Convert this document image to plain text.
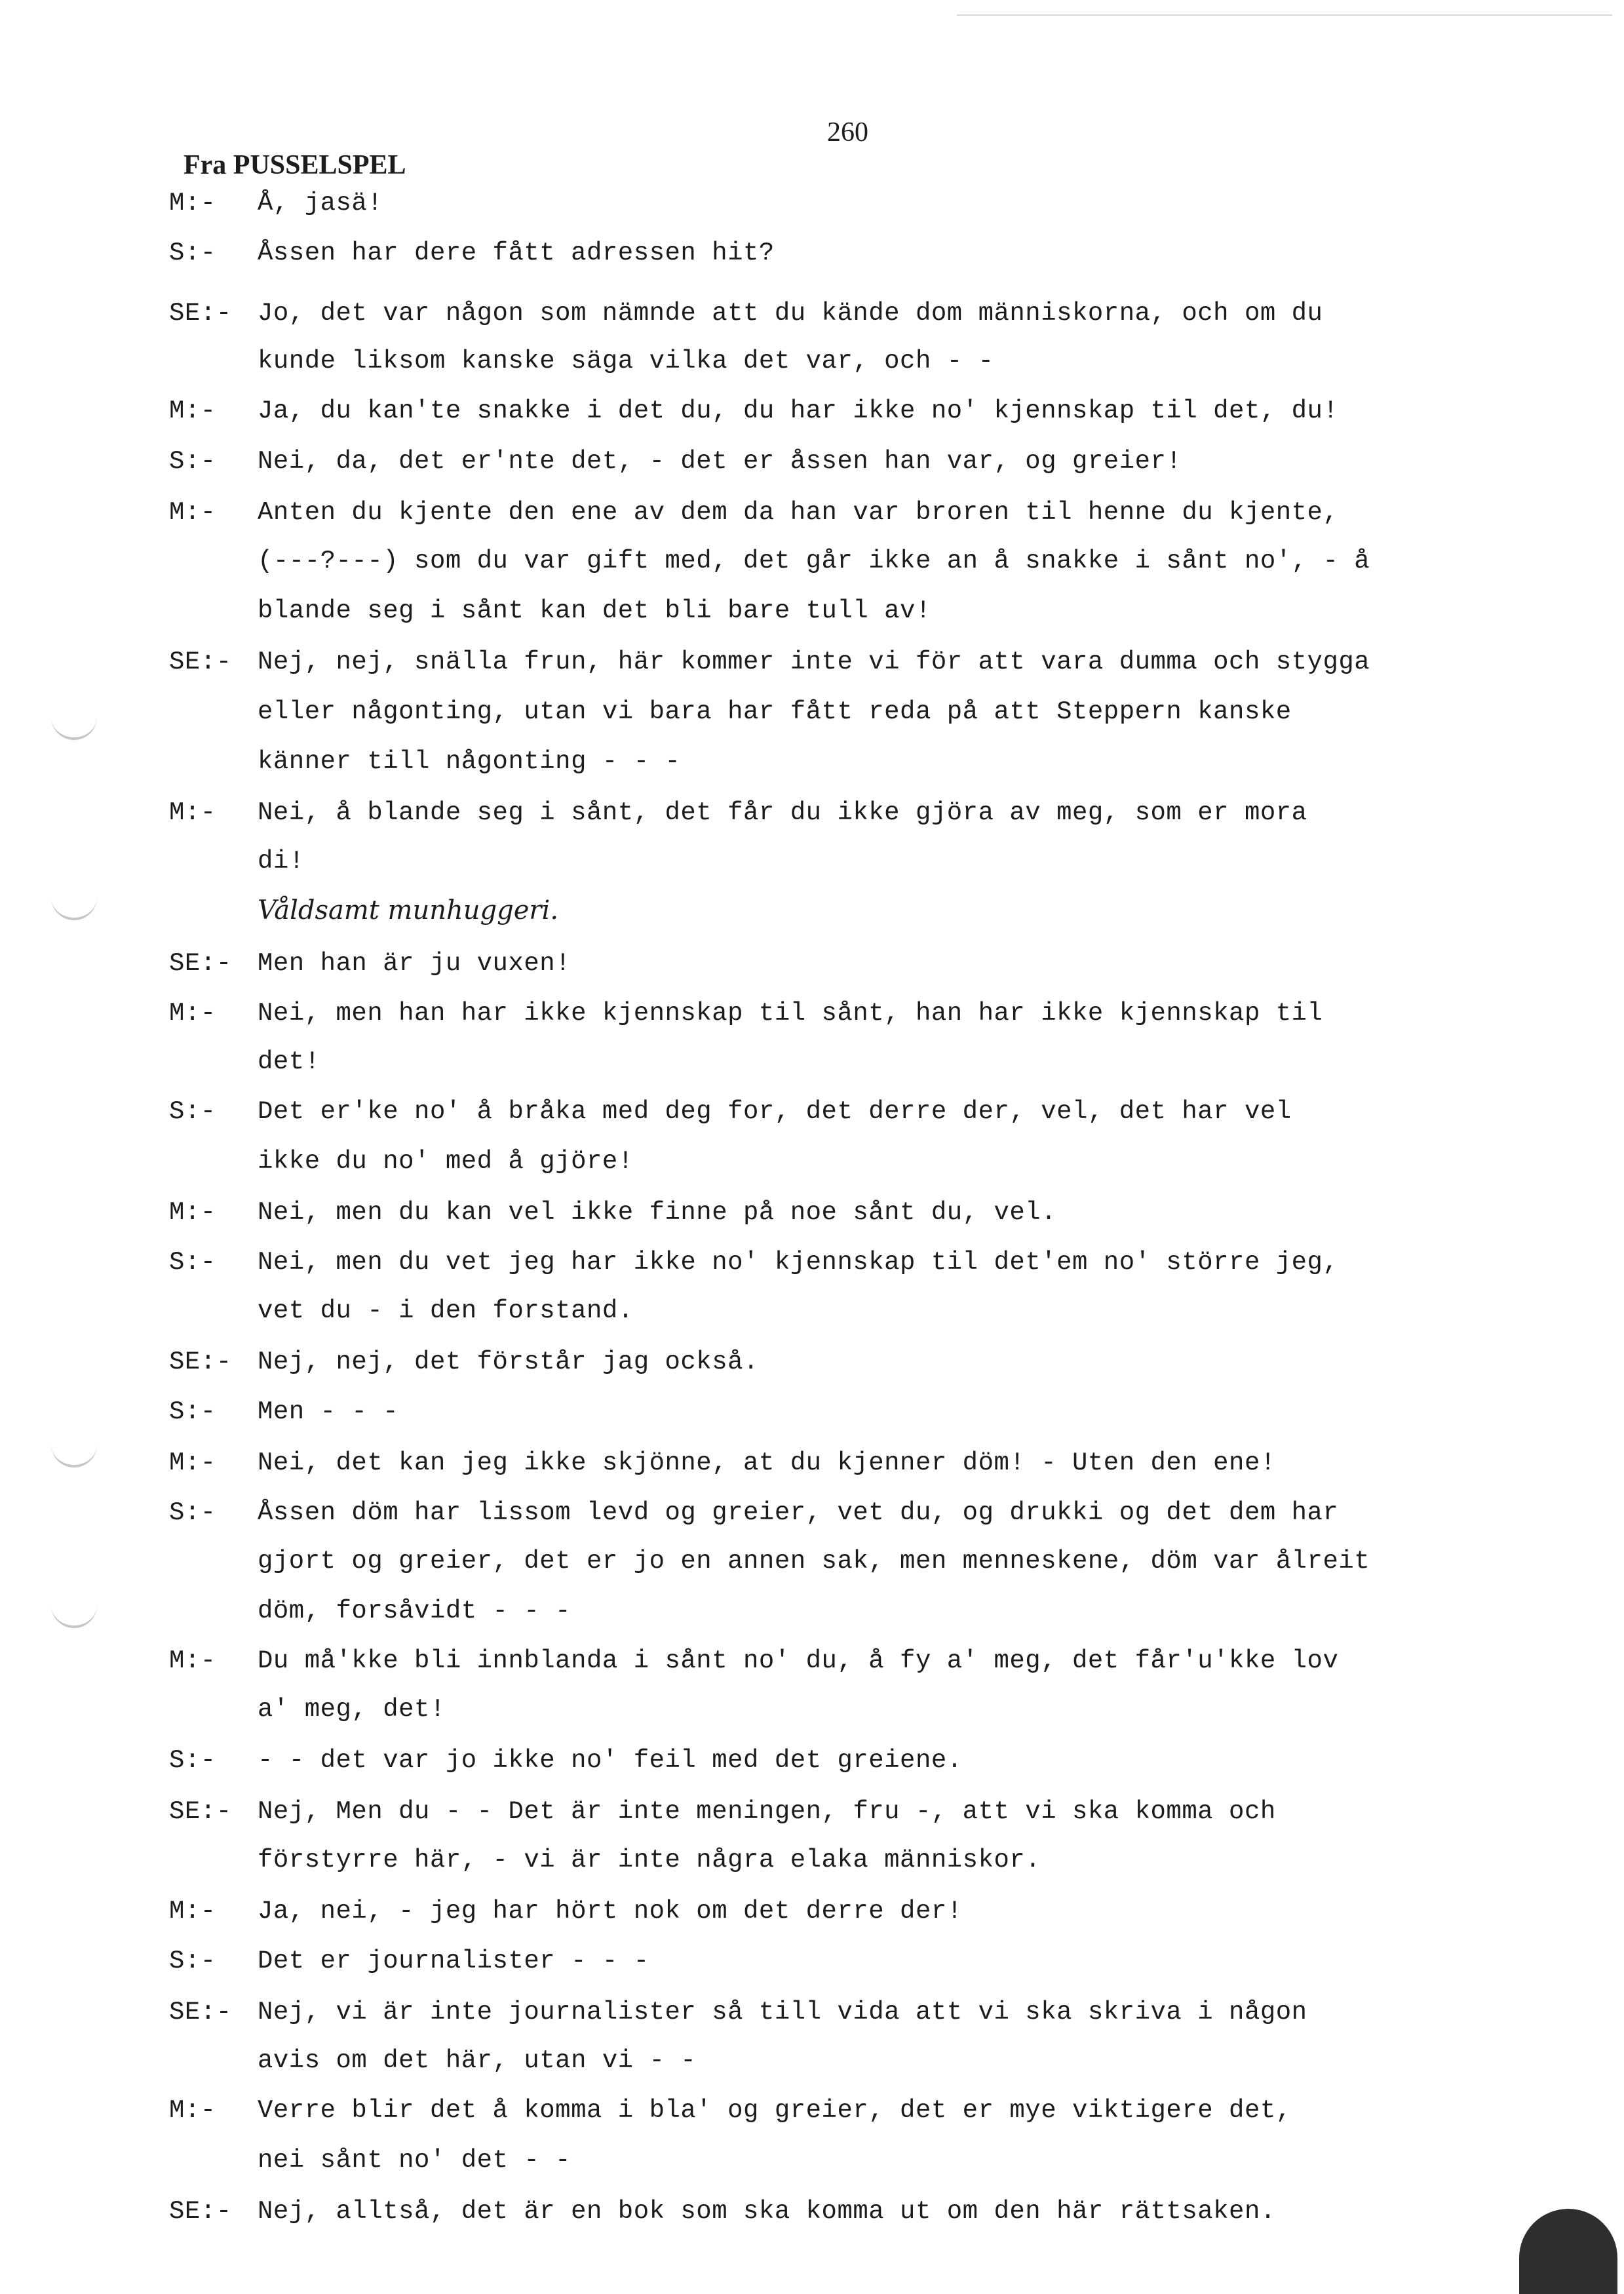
260
Fra PUSSELSPEL
M:- Å, jasä!
S:- Åssen har dere fått adressen hit?
SE:- Jo, det var någon som nämnde att du kände dom människorna, och om du
kunde liksom kanske säga vilka det var, och - -
M:- Ja, du kan'te snakke i det du, du har ikke no' kjennskap til det, du!
S:- Nei, da, det er'nte det, - det er åssen han var, og greier!
M:- Anten du kjente den ene av dem da han var broren til henne du kjente,
(---?---) som du var gift med, det går ikke an å snakke i sånt no', - å
blande seg i sånt kan det bli bare tull av!
SE:- Nej, nej, snälla frun, här kommer inte vi för att vara dumma och stygga
eller någonting, utan vi bara har fått reda på att Steppern kanske
känner till någonting - - -
M:- Nei, å blande seg i sånt, det får du ikke gjöra av meg, som er mora
di!
Våldsamt munhuggeri.
SE:- Men han är ju vuxen!
M:- Nei, men han har ikke kjennskap til sånt, han har ikke kjennskap til
det!
S:- Det er'ke no' å bråka med deg for, det derre der, vel, det har vel
ikke du no' med å gjöre!
M:- Nei, men du kan vel ikke finne på noe sånt du, vel.
S:- Nei, men du vet jeg har ikke no' kjennskap til det'em no' större jeg,
vet du - i den forstand.
SE:- Nej, nej, det förstår jag också.
S:- Men - - -
M:- Nei, det kan jeg ikke skjönne, at du kjenner döm! - Uten den ene!
S:- Åssen döm har lissom levd og greier, vet du, og drukki og det dem har
gjort og greier, det er jo en annen sak, men menneskene, döm var ålreit
döm, forsåvidt - - -
M:- Du må'kke bli innblanda i sånt no' du, å fy a' meg, det får'u'kke lov
a' meg, det!
S:- - - det var jo ikke no' feil med det greiene.
SE:- Nej, Men du - - Det är inte meningen, fru -, att vi ska komma och
förstyrre här, - vi är inte några elaka människor.
M:- Ja, nei, - jeg har hört nok om det derre der!
S:- Det er journalister - - -
SE:- Nej, vi är inte journalister så till vida att vi ska skriva i någon
avis om det här, utan vi - -
M:- Verre blir det å komma i bla' og greier, det er mye viktigere det,
nei sånt no' det - -
SE:- Nej, alltså, det är en bok som ska komma ut om den här rättsaken.
